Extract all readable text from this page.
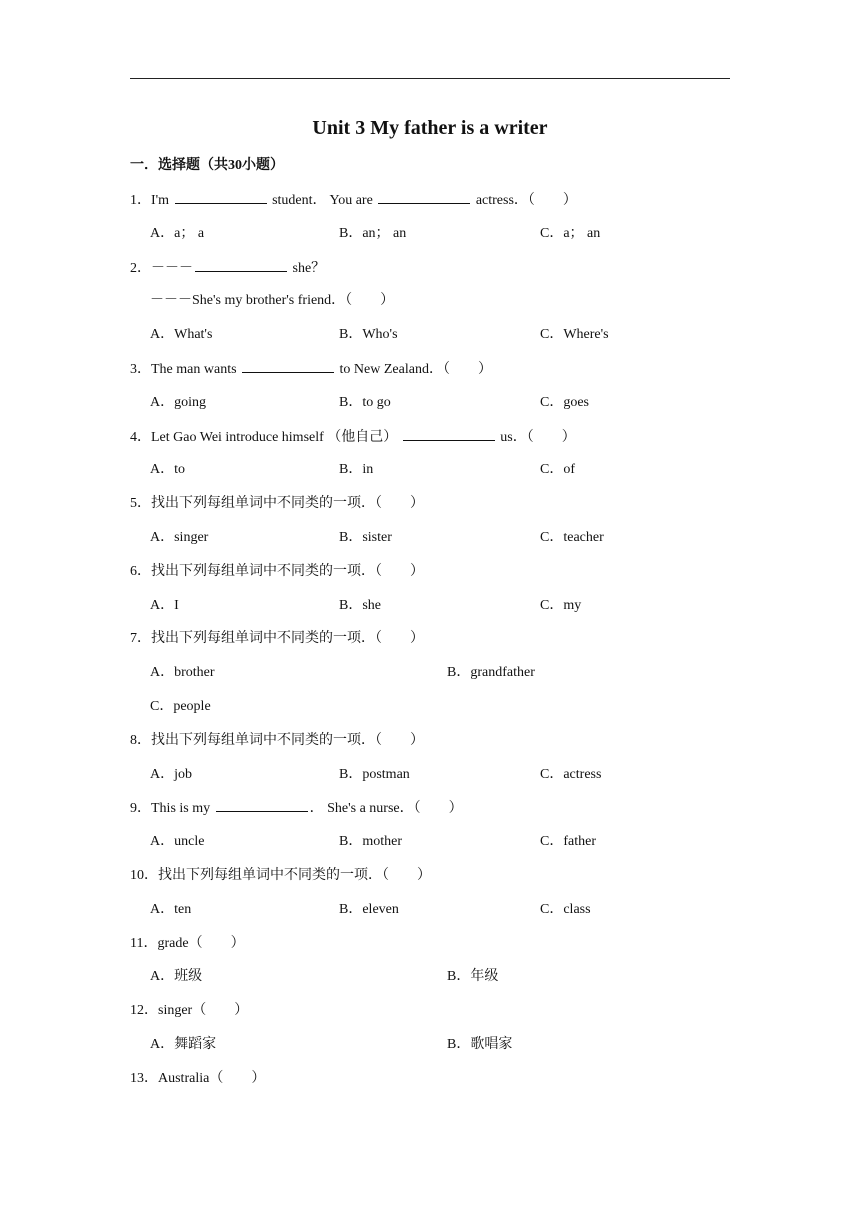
Unit 3 My father is a writer
一．选择题（共30小题）
1．I'm	student． You are	actress．（　　）
A．a； a	B．an； an	C．a； an
2．－－－	she？
－－－She's my brother's friend．（　　）
A．What's	B．Who's	C．Where's
3．The man wants	to New Zealand．（　　）
A．going	B．to go	C．goes
4．Let Gao Wei introduce himself （他自己）	us．（　　）
A．to	B．in	C．of
5．找出下列每组单词中不同类的一项．（　　）
A．singer	B．sister	C．teacher
6．找出下列每组单词中不同类的一项．（　　）
A．I	B．she	C．my
7．找出下列每组单词中不同类的一项．（　　）
A．brother	B．grandfather
C．people
8．找出下列每组单词中不同类的一项．（　　）
A．job	B．postman	C．actress
9．This is my	． She's a nurse．（　　）
A．uncle	B．mother	C．father
10．找出下列每组单词中不同类的一项．（　　）
A．ten	B．eleven	C．class
11．grade（　　）
A．班级	B．年级
12．singer（　　）
A．舞蹈家	B．歌唱家
13．Australia（　　）
